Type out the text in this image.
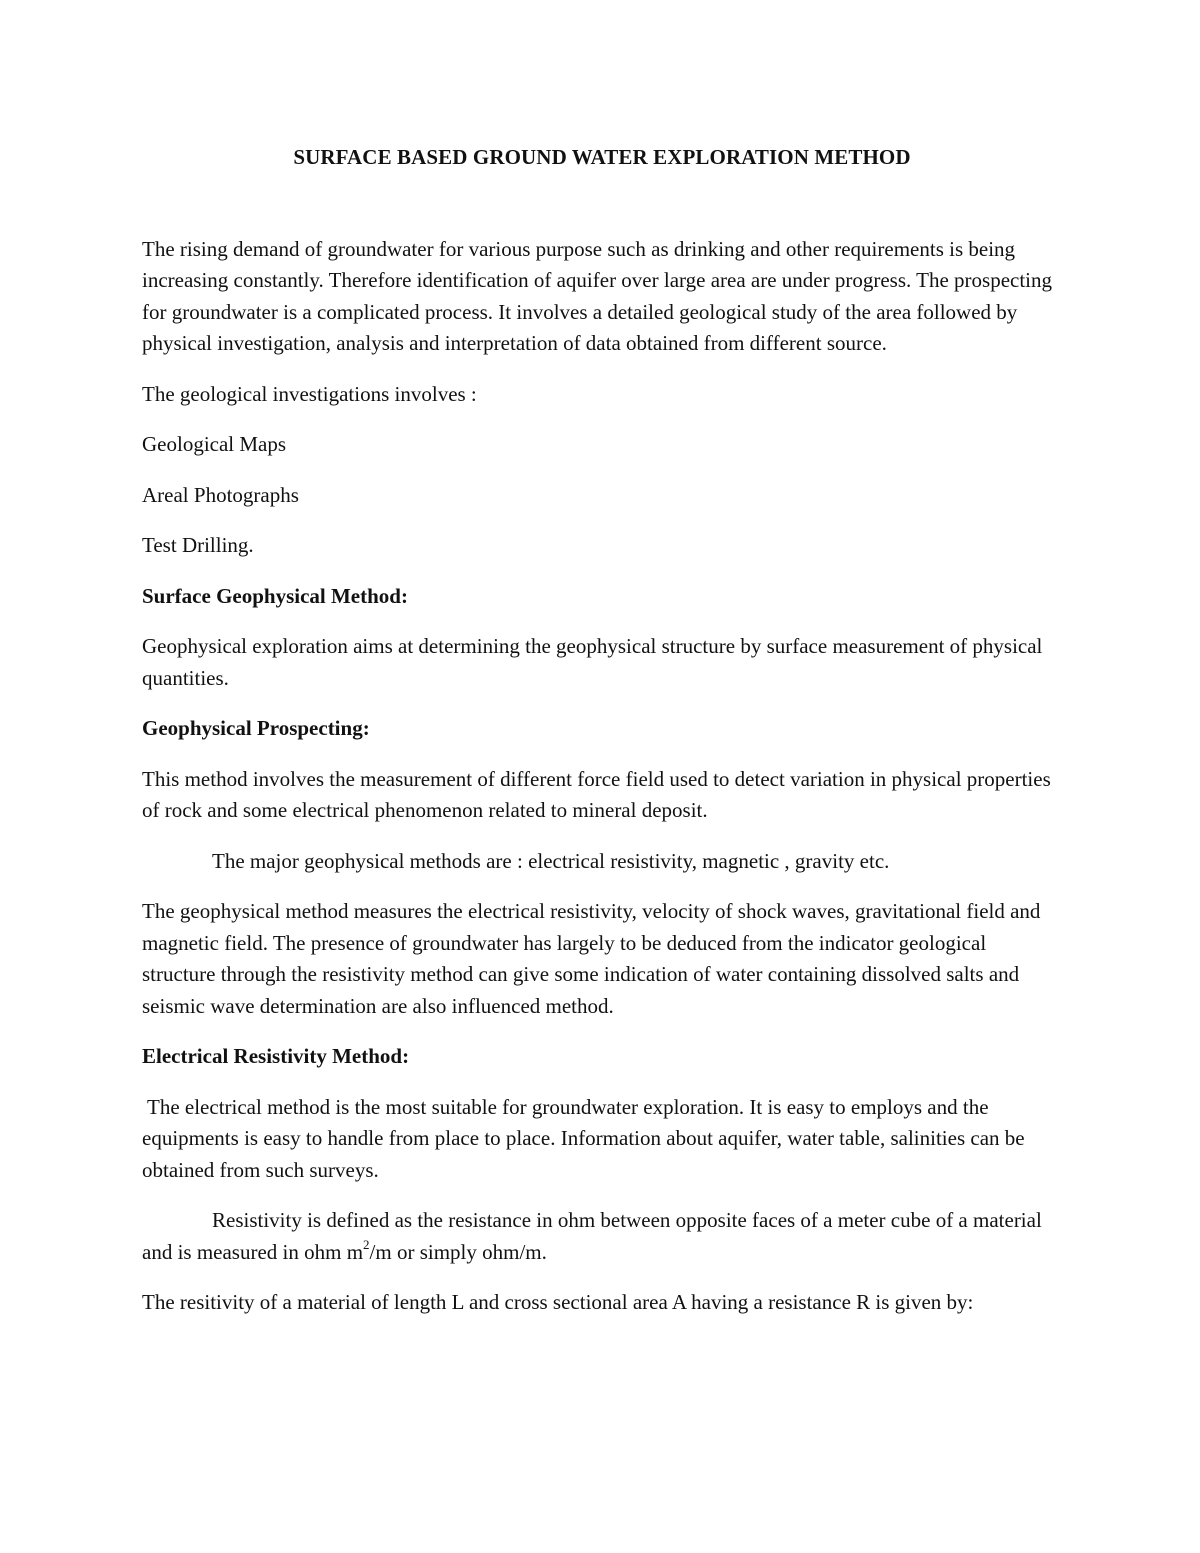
SURFACE BASED GROUND WATER EXPLORATION METHOD

The rising demand of groundwater for various purpose such as drinking and other requirements is being increasing constantly. Therefore identification of aquifer over large area are under progress. The prospecting for groundwater is a complicated process. It involves a detailed geological study of the area followed by physical investigation, analysis and interpretation of data obtained from different source.

The geological investigations involves :

Geological Maps

Areal Photographs

Test Drilling.

Surface Geophysical Method:

Geophysical exploration aims at determining the geophysical structure by surface measurement of physical quantities.

Geophysical Prospecting:

This method involves the measurement of different force field used to detect variation in physical properties of rock and some electrical phenomenon related to mineral deposit.

The major geophysical methods are : electrical resistivity, magnetic , gravity etc.

The geophysical method measures the electrical resistivity, velocity of shock waves, gravitational field and magnetic field. The presence of groundwater has largely to be deduced from the indicator geological structure through the resistivity method can give some indication of water containing dissolved salts and seismic wave determination are also influenced method.

Electrical Resistivity Method:

The electrical method is the most suitable for groundwater exploration. It is easy to employs and the equipments is easy to handle from place to place. Information about aquifer, water table, salinities can be obtained from such surveys.

Resistivity is defined as the resistance in ohm between opposite faces of a meter cube of a material and is measured in ohm $m^2/m$ or simply ohm/m.

The resitivity of a material of length L and cross sectional area A having a resistance R is given by:
